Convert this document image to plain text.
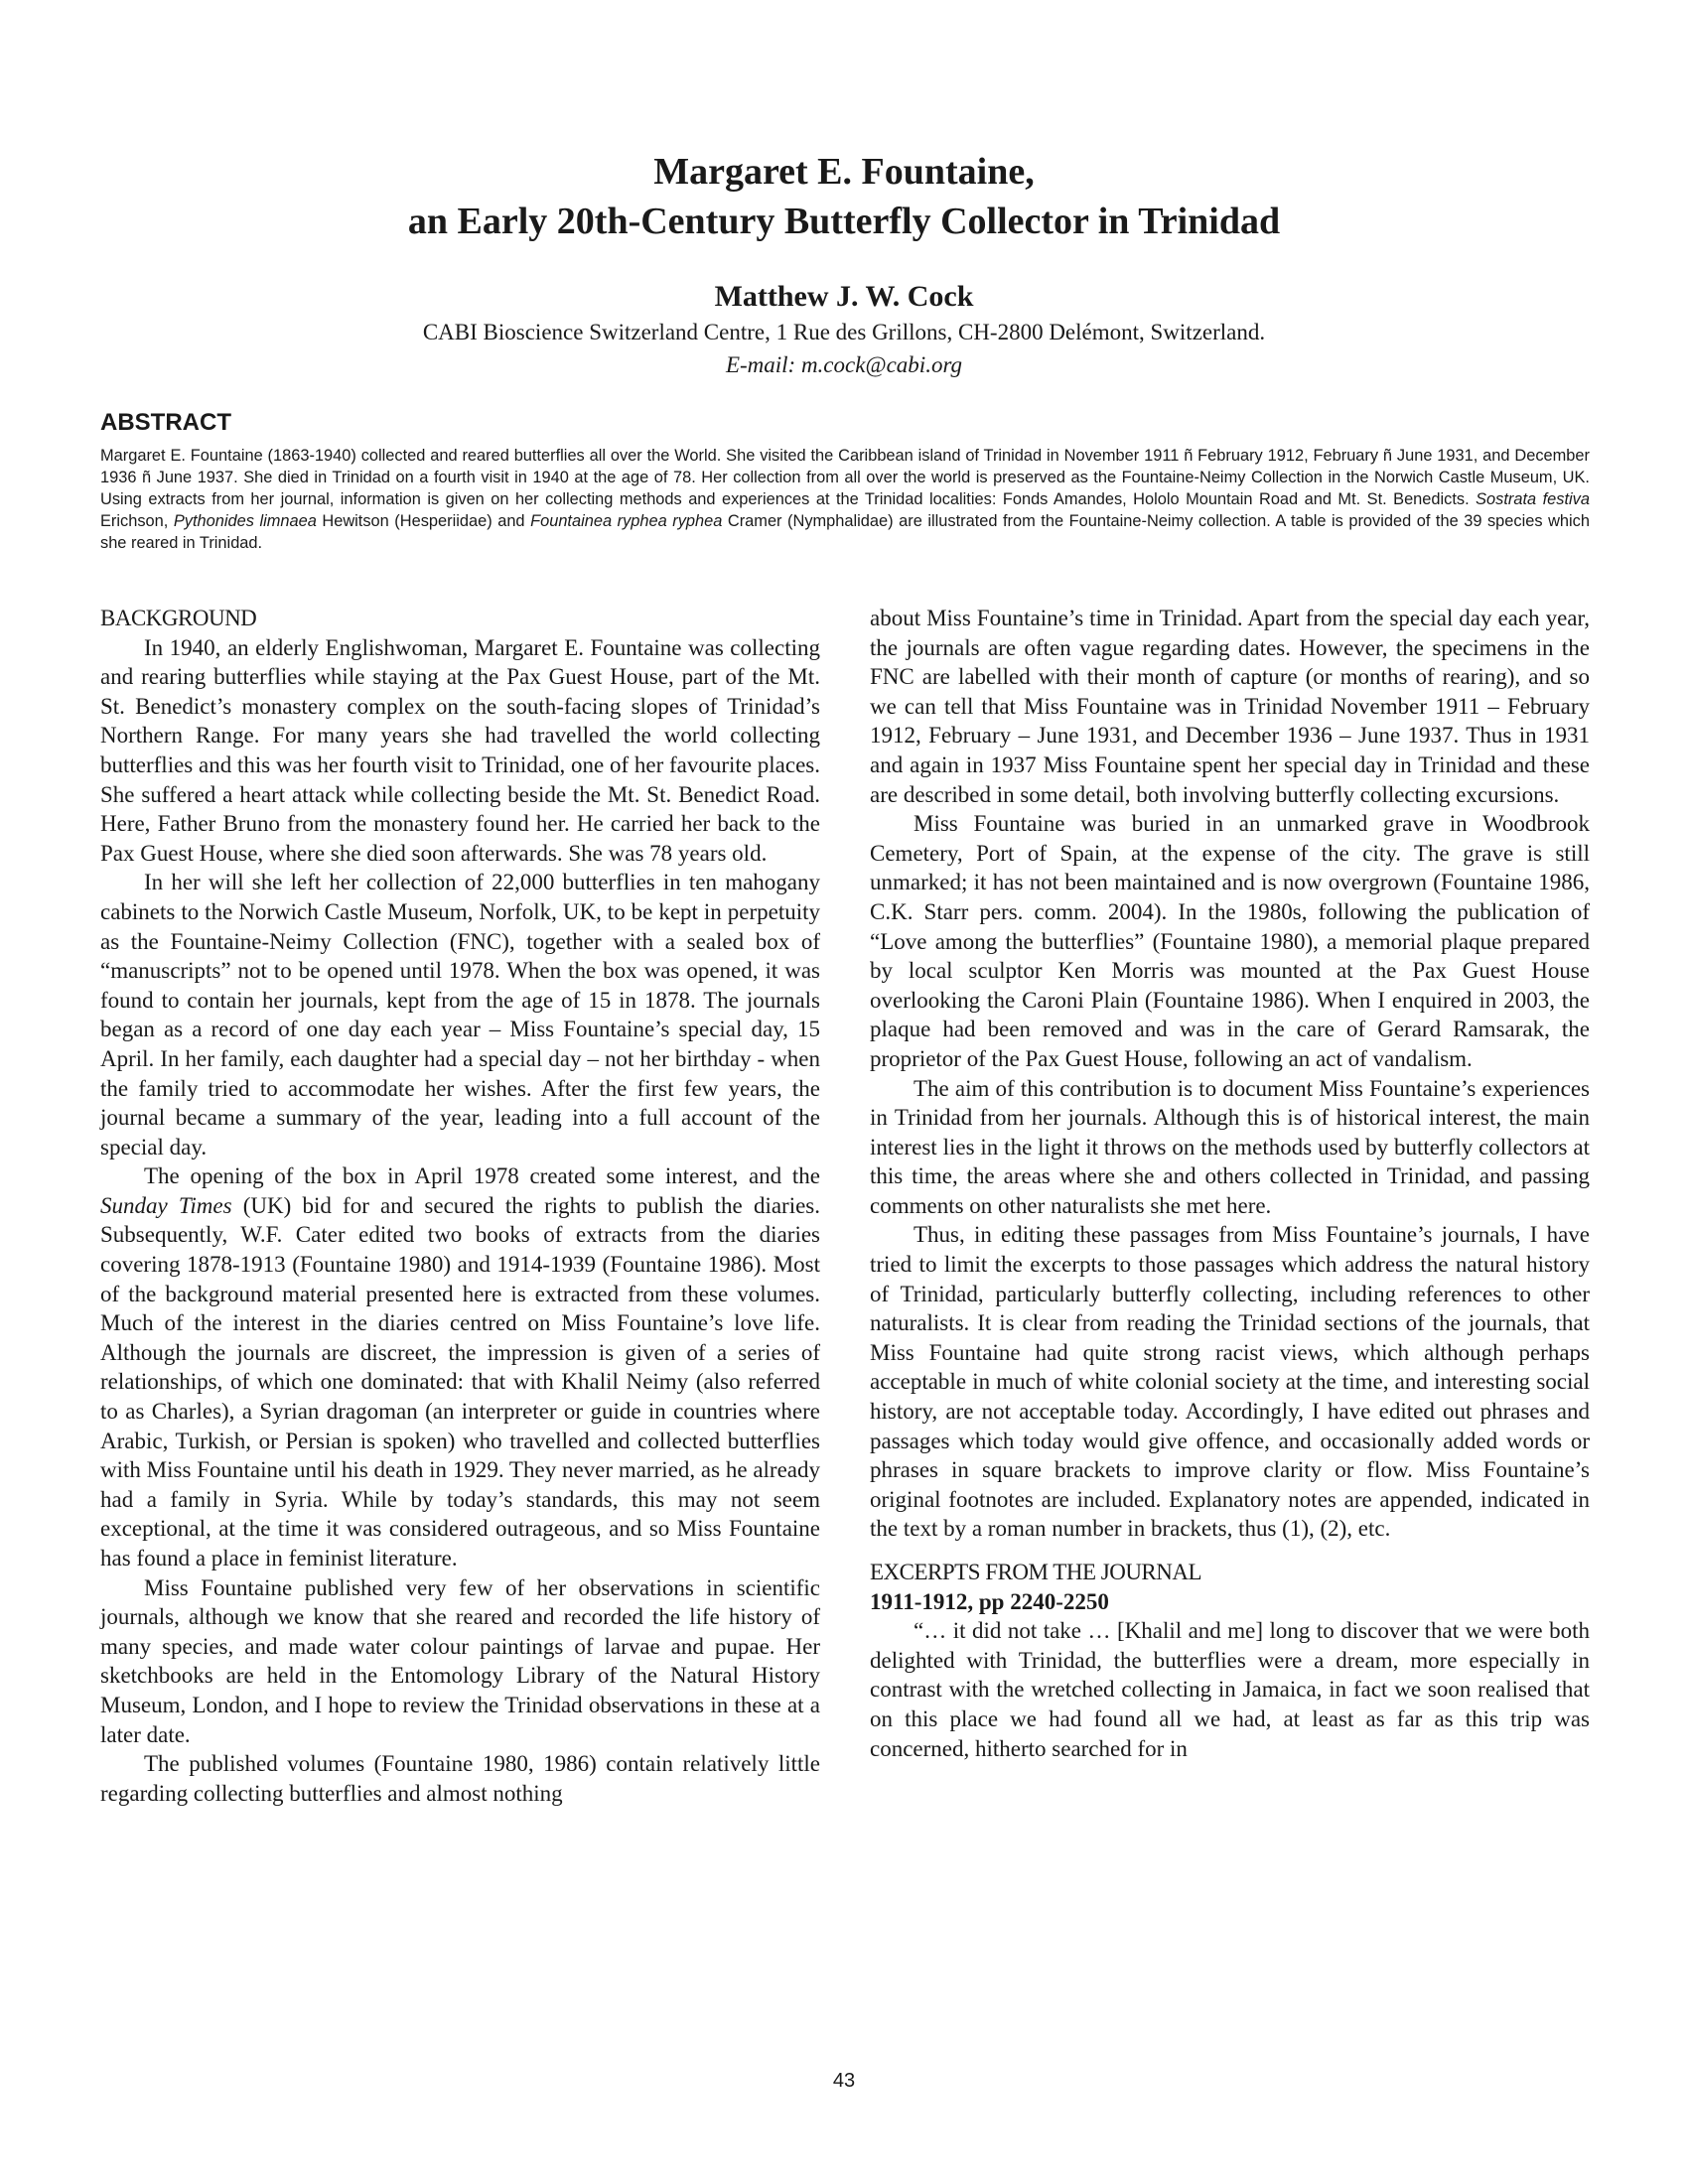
Margaret E. Fountaine,

an Early 20th-Century Butterfly Collector in Trinidad

Matthew J. W. Cock
CABI Bioscience Switzerland Centre, 1 Rue des Grillons, CH-2800 Delémont, Switzerland.
E-mail: m.cock@cabi.org
ABSTRACT
Margaret E. Fountaine (1863-1940) collected and reared butterflies all over the World. She visited the Caribbean island of Trinidad in November 1911 ñ February 1912, February ñ June 1931, and December 1936 ñ June 1937. She died in Trinidad on a fourth visit in 1940 at the age of 78. Her collection from all over the world is preserved as the Fountaine-Neimy Collection in the Norwich Castle Museum, UK. Using extracts from her journal, information is given on her collecting methods and experiences at the Trinidad localities: Fonds Amandes, Hololo Mountain Road and Mt. St. Benedicts. Sostrata festiva Erichson, Pythonides limnaea Hewitson (Hesperiidae) and Fountainea ryphea ryphea Cramer (Nymphalidae) are illustrated from the Fountaine-Neimy collection. A table is provided of the 39 species which she reared in Trinidad.

BACKGROUND

In 1940, an elderly Englishwoman, Margaret E. Fountaine was collecting and rearing butterflies while staying at the Pax Guest House, part of the Mt. St. Benedict’s monastery complex on the south-facing slopes of Trinidad’s Northern Range. For many years she had travelled the world collecting butterflies and this was her fourth visit to Trinidad, one of her favourite places. She suffered a heart attack while collecting beside the Mt. St. Benedict Road. Here, Father Bruno from the monastery found her. He carried her back to the Pax Guest House, where she died soon afterwards. She was 78 years old.

In her will she left her collection of 22,000 butterflies in ten mahogany cabinets to the Norwich Castle Museum, Norfolk, UK, to be kept in perpetuity as the Fountaine-Neimy Collection (FNC), together with a sealed box of “manuscripts” not to be opened until 1978. When the box was opened, it was found to contain her journals, kept from the age of 15 in 1878. The journals began as a record of one day each year – Miss Fountaine’s special day, 15 April. In her family, each daughter had a special day – not her birthday - when the family tried to accommodate her wishes. After the first few years, the journal became a summary of the year, leading into a full account of the special day.

The opening of the box in April 1978 created some interest, and the Sunday Times (UK) bid for and secured the rights to publish the diaries. Subsequently, W.F. Cater edited two books of extracts from the diaries covering 1878-1913 (Fountaine 1980) and 1914-1939 (Fountaine 1986). Most of the background material presented here is extracted from these volumes. Much of the interest in the diaries centred on Miss Fountaine’s love life. Although the journals are discreet, the impression is given of a series of relationships, of which one dominated: that with Khalil Neimy (also referred to as Charles), a Syrian dragoman (an interpreter or guide in countries where Arabic, Turkish, or Persian is spoken) who travelled and collected butterflies with Miss Fountaine until his death in 1929. They never married, as he already had a family in Syria. While by today’s standards, this may not seem exceptional, at the time it was considered outrageous, and so Miss Fountaine has found a place in feminist literature.

Miss Fountaine published very few of her observations in scientific journals, although we know that she reared and recorded the life history of many species, and made water colour paintings of larvae and pupae. Her sketchbooks are held in the Entomology Library of the Natural History Museum, London, and I hope to review the Trinidad observations in these at a later date.

The published volumes (Fountaine 1980, 1986) contain relatively little regarding collecting butterflies and almost nothing

about Miss Fountaine’s time in Trinidad. Apart from the special day each year, the journals are often vague regarding dates. However, the specimens in the FNC are labelled with their month of capture (or months of rearing), and so we can tell that Miss Fountaine was in Trinidad November 1911 – February 1912, February – June 1931, and December 1936 – June 1937. Thus in 1931 and again in 1937 Miss Fountaine spent her special day in Trinidad and these are described in some detail, both involving butterfly collecting excursions.

Miss Fountaine was buried in an unmarked grave in Woodbrook Cemetery, Port of Spain, at the expense of the city. The grave is still unmarked; it has not been maintained and is now overgrown (Fountaine 1986, C.K. Starr pers. comm. 2004). In the 1980s, following the publication of “Love among the butterflies” (Fountaine 1980), a memorial plaque prepared by local sculptor Ken Morris was mounted at the Pax Guest House overlooking the Caroni Plain (Fountaine 1986). When I enquired in 2003, the plaque had been removed and was in the care of Gerard Ramsarak, the proprietor of the Pax Guest House, following an act of vandalism.

The aim of this contribution is to document Miss Fountaine’s experiences in Trinidad from her journals. Although this is of historical interest, the main interest lies in the light it throws on the methods used by butterfly collectors at this time, the areas where she and others collected in Trinidad, and passing comments on other naturalists she met here.

Thus, in editing these passages from Miss Fountaine’s journals, I have tried to limit the excerpts to those passages which address the natural history of Trinidad, particularly butterfly collecting, including references to other naturalists. It is clear from reading the Trinidad sections of the journals, that Miss Fountaine had quite strong racist views, which although perhaps acceptable in much of white colonial society at the time, and interesting social history, are not acceptable today. Accordingly, I have edited out phrases and passages which today would give offence, and occasionally added words or phrases in square brackets to improve clarity or flow. Miss Fountaine’s original footnotes are included. Explanatory notes are appended, indicated in the text by a roman number in brackets, thus (1), (2), etc.

EXCERPTS FROM THE JOURNAL

1911-1912, pp 2240-2250

“… it did not take … [Khalil and me] long to discover that we were both delighted with Trinidad, the butterflies were a dream, more especially in contrast with the wretched collecting in Jamaica, in fact we soon realised that on this place we had found all we had, at least as far as this trip was concerned, hitherto searched for in

43
